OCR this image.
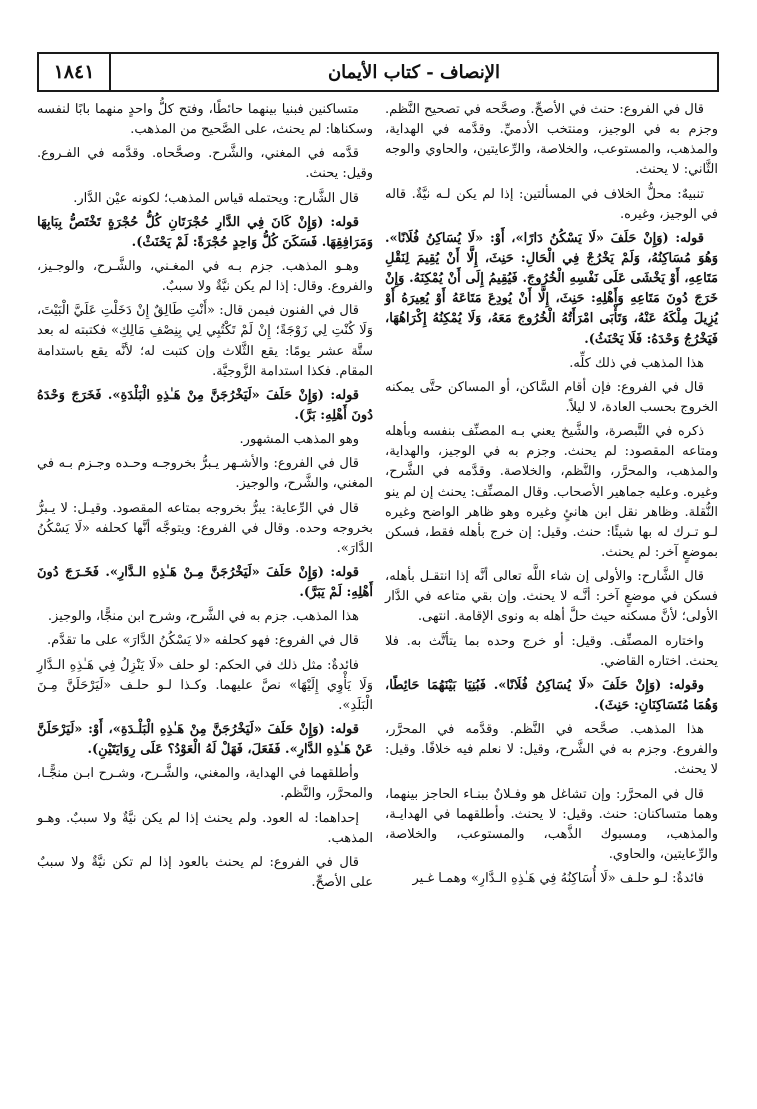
١٨٤١	الإنصاف - كتاب الأيمان

قال في الفروع: حنث في الأصحِّ. وصحَّحه في تصحيح النَّظم. وجزم به في الوجيز، ومنتخب الأدميِّ. وقدَّمه في الهداية، والمذهب، والمستوعب، والخلاصة، والرِّعايتين، والحاوي والوجه الثَّاني: لا يحنث.

تنبيهٌ: محلُّ الخلاف في المسألتين: إذا لم يكن لـه نيَّةٌ. قاله في الوجيز، وغيره.

قوله: (وَإِنْ حَلَفَ «لَا يَسْكُنُ دَارًا»، أَوْ: «لَا يُسَاكِنُ فُلَانًا». وَهُوَ مُسَاكِنُهُ، وَلَمْ يَخْرُجْ فِي الْحَالِ: حَنِثَ، إِلَّا أَنْ يُقِيمَ لِنَقْلِ مَتَاعِهِ، أَوْ يَخْشَى عَلَى نَفْسِهِ الْخُرُوجَ. فَيُقِيمُ إِلَى أَنْ يُمْكِنَهُ. وَإِنْ خَرَجَ دُونَ مَتَاعِهِ وَأَهْلِهِ: حَنِثَ، إِلَّا أَنْ يُودِعَ مَتَاعَهُ أَوْ يُعِيرَهُ أَوْ يُزِيلَ مِلْكَهُ عَنْهُ، وَتَأْبَى امْرَأَتُهُ الْخُرُوجَ مَعَهُ، وَلَا يُمْكِنُهُ إِكْرَاهُهَا، فَيَخْرُجُ وَحْدَهُ: فَلَا يَحْنَثُ).

هذا المذهب في ذلك كلِّه.

قال في الفروع: فإن أقام السَّاكن، أو المساكن حتَّى يمكنه الخروج بحسب العادة، لا ليلاً.

ذكره في التَّبصرة، والشَّيخ يعني بـه المصنِّف بنفسه وبأهله ومتاعه المقصود: لم يحنث. وجزم به في الوجيز، والهداية، والمذهب، والمحرَّر، والنَّظم، والخلاصة. وقدَّمه في الشَّرح، وغيره. وعليه جماهير الأصحاب. وقال المصنِّف: يحنث إن لم ينو النُّقلة. وظاهر نقل ابن هانئٍ وغيره وهو ظاهر الواضح وغيره لـو تـرك له بها شيئًا: حنث. وقيل: إن خرج بأهله فقط، فسكن بموضعٍ آخر: لم يحنث.

قال الشَّارح: والأولى إن شاء اللَّه تعالى أنَّه إذا انتقـل بأهله، فسكن في موضعٍ آخر: أنَّـه لا يحنث. وإن بقي متاعه في الدَّار الأولى؛ لأنَّ مسكنه حيث حلَّ أهله به ونوى الإقامة. انتهى.

واختاره المصنِّف. وقيل: أو خرج وحده بما يتأتَّث به. فلا يحنث. اختاره القاضي.

وقوله: (وَإِنْ حَلَفَ «لَا يُسَاكِنُ فُلَانًا». فَبُنِيَا بَيْنَهُمَا حَائِطًا، وَهُمَا مُتَسَاكِنَانِ: حَنِثَ).

هذا المذهب. صحَّحه في النَّظم. وقدَّمه في المحرَّر، والفروع. وجزم به في الشَّرح، وقيل: لا نعلم فيه خلافًا. وقيل: لا يحنث.

قال في المحرَّر: وإن تشاغل هو وفـلانٌ ببنـاء الحاجز بينهما، وهما متساكنان: حنث. وقيل: لا يحنث. وأطلقهما في الهدايـة، والمذهب، ومسبوك الذَّهب، والمستوعب، والخلاصة، والرِّعايتين، والحاوي.

فائدةٌ: لـو حلـف «لَا أُسَاكِنُهُ فِي هَـٰذِهِ الـدَّارِ» وهمـا غـير

متساكنين فبنيا بينهما حائطًا، وفتح كلُّ واحدٍ منهما بابًا لنفسه وسكناها: لم يحنث، على الصَّحيح من المذهب.

قدَّمه في المغني، والشَّرح. وصحَّحاه. وقدَّمه في الفـروع. وقيل: يحنث.

قال الشَّارح: ويحتمله قياس المذهب؛ لكونه عيْن الدَّار.

قوله: (وَإِنْ كَانَ فِي الدَّارِ حُجْرَتَانِ كُلُّ حُجْرَةٍ تَخْتَصُّ بِبَابِهَا وَمَرَافِقِهَا. فَسَكَنَ كُلُّ وَاحِدٍ حُجْرَةً: لَمْ يَحْنَثْ).

وهـو المذهب. جزم بـه في المغـني، والشَّـرح، والوجـيز، والفروع. وقال: إذا لم يكن نيَّةٌ ولا سببٌ.

قال في الفنون فيمن قال: «أَنْتِ طَالِقٌ إِنْ دَخَلْتِ عَلَيَّ الْبَيْتَ، وَلَا كُنْتِ لِي زَوْجَةً؛ إِنْ لَمْ تَكْتُبِي لِي بِنِصْفِ مَالِكِ» فكتبته له بعد ستَّة عشر يومًا: يقع الثَّلاث وإن كتبت له؛ لأنَّه يقع باستدامة المقام. فكذا استدامة الزَّوجيَّة.

قوله: (وَإِنْ حَلَفَ «لَيَخْرُجَنَّ مِنْ هَـٰذِهِ الْبَلْدَةِ». فَخَرَجَ وَحْدَهُ دُونَ أَهْلِهِ: بَرَّ).

وهو المذهب المشهور.

قال في الفروع: والأشـهر يـبرُّ بخروجـه وحـده وجـزم بـه في المغني، والشَّرح، والوجيز.

قال في الرِّعاية: يبرُّ بخروجه بمتاعه المقصود. وقيـل: لا يـبرُّ بخروجه وحده. وقال في الفروع: ويتوجَّه أنَّها كحلفه «لَا يَسْكُنُ الدَّارَ».

قوله: (وَإِنْ حَلَفَ «لَيَخْرُجَنَّ مِـنْ هَـٰذِهِ الـدَّارِ». فَخَـرَجَ دُونَ أَهْلِهِ: لَمْ يَبَرَّ).

هذا المذهب. جزم به في الشَّرح، وشرح ابن منجًّا، والوجيز.

قال في الفروع: فهو كحلفه «لا يَسْكُنُ الدَّارَ» على ما تقدَّم.

فائدةٌ: مثل ذلك في الحكم: لو حلف «لَا يَنْزِلُ فِي هَـٰذِهِ الـدَّارِ وَلَا يَأْوِي إِلَيْهَا» نصَّ عليهما. وكـذا لـو حلـف «لَيَرْحَلَنَّ مِـنَ الْبَلَدِ».

قوله: (وَإِنْ حَلَفَ «لَيَخْرُجَنَّ مِنْ هَـٰذِهِ الْبَلْـدَةِ»، أَوْ: «لَيَرْحَلَنَّ عَنْ هَـٰذِهِ الدَّارِ». فَفَعَلَ، فَهَلْ لَهُ الْعَوْدُ؟ عَلَى رِوَايَتَيْنِ).

وأطلقهما في الهداية، والمغني، والشَّـرح، وشـرح ابـن منجًّـا، والمحرَّر، والنَّظم.

إحداهما: له العود. ولم يحنث إذا لم يكن نيَّةٌ ولا سببٌ. وهـو المذهب.

قال في الفروع: لم يحنث بالعود إذا لم تكن نيَّةٌ ولا سببٌ على الأصحِّ.
